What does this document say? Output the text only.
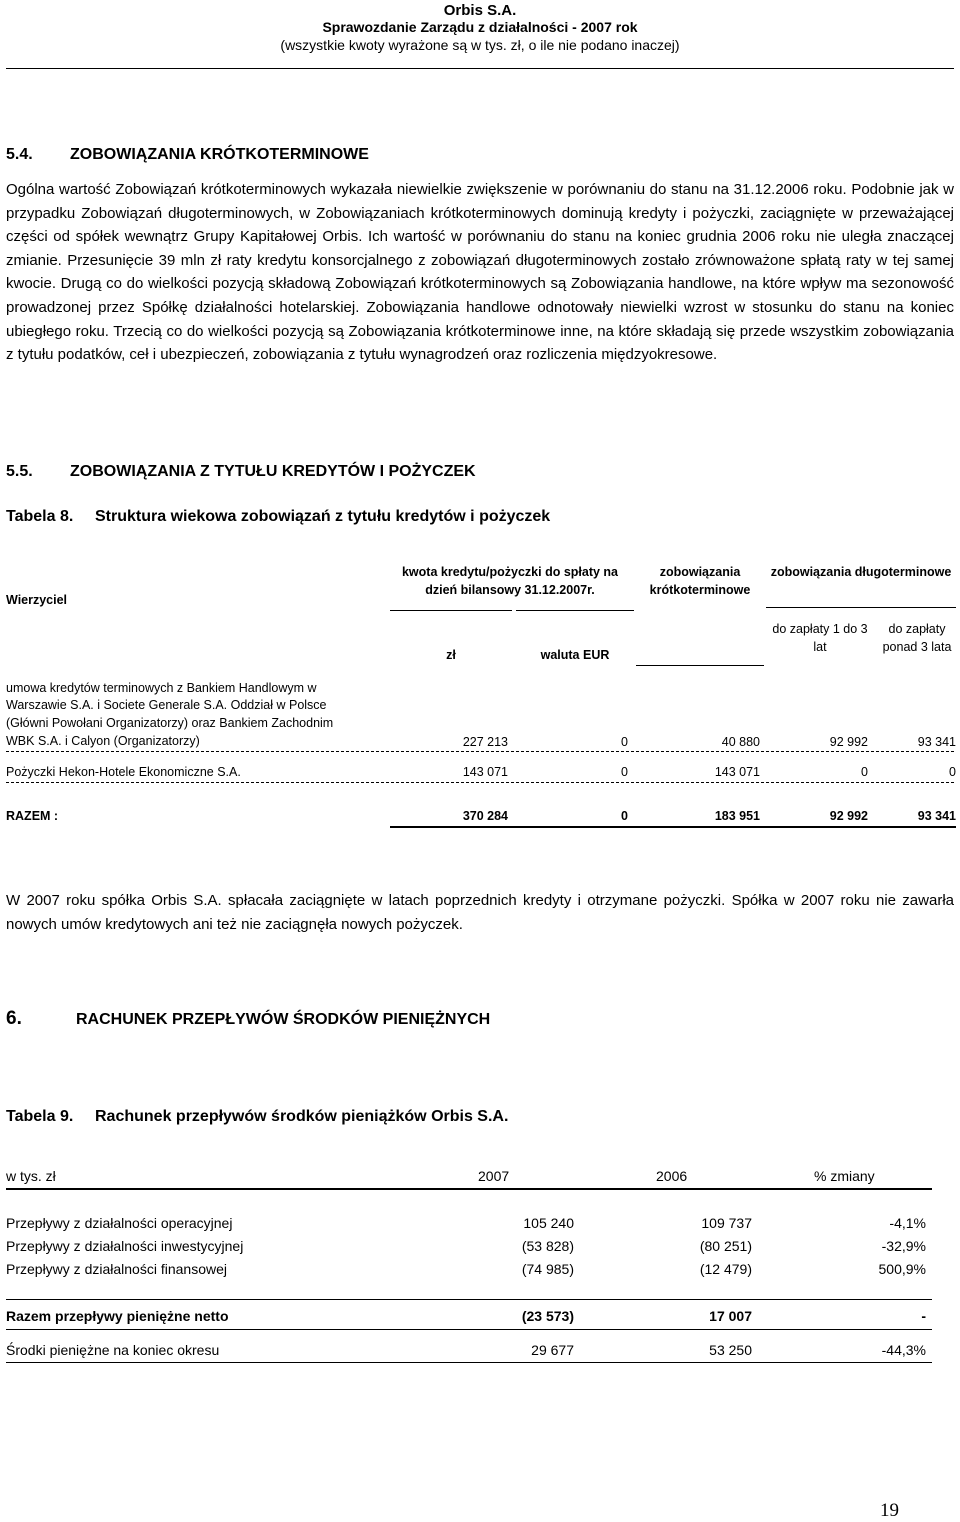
Orbis S.A.
Sprawozdanie Zarządu z działalności - 2007 rok
(wszystkie kwoty wyrażone są w tys. zł, o ile nie podano inaczej)
5.4. ZOBOWIĄZANIA KRÓTKOTERMINOWE
Ogólna wartość Zobowiązań krótkoterminowych wykazała niewielkie zwiększenie w porównaniu do stanu na 31.12.2006 roku. Podobnie jak w przypadku Zobowiązań długoterminowych, w Zobowiązaniach krótkoterminowych dominują kredyty i pożyczki, zaciągnięte w przeważającej części od spółek wewnątrz Grupy Kapitałowej Orbis. Ich wartość w porównaniu do stanu na koniec grudnia 2006 roku nie uległa znaczącej zmianie. Przesunięcie 39 mln zł raty kredytu konsorcjalnego z zobowiązań długoterminowych zostało zrównoważone spłatą raty w tej samej kwocie. Drugą co do wielkości pozycją składową Zobowiązań krótkoterminowych są Zobowiązania handlowe, na które wpływ ma sezonowość prowadzonej przez Spółkę działalności hotelarskiej. Zobowiązania handlowe odnotowały niewielki wzrost w stosunku do stanu na koniec ubiegłego roku. Trzecią co do wielkości pozycją są Zobowiązania krótkoterminowe inne, na które składają się przede wszystkim zobowiązania z tytułu podatków, ceł i ubezpieczeń, zobowiązania z tytułu wynagrodzeń oraz rozliczenia międzyokresowe.
5.5. ZOBOWIĄZANIA Z TYTUŁU KREDYTÓW I POŻYCZEK
Tabela 8. Struktura wiekowa zobowiązań z tytułu kredytów i pożyczek
Wierzyciel
kwota kredytu/pożyczki do spłaty na dzień bilansowy 31.12.2007r.
zobowiązania krótkoterminowe
zobowiązania długoterminowe
zł	waluta EUR
do zapłaty 1 do 3 lat
do zapłaty ponad 3 lata
umowa kredytów terminowych z Bankiem Handlowym w
Warszawie S.A. i Societe Generale S.A. Oddział w Polsce
(Główni Powołani Organizatorzy) oraz Bankiem Zachodnim
WBK S.A. i Calyon (Organizatorzy)	227 213	0	40 880	92 992	93 341
Pożyczki Hekon-Hotele Ekonomiczne S.A.	143 071	0	143 071	0	0
RAZEM :	370 284	0	183 951	92 992	93 341
W 2007 roku spółka Orbis S.A. spłacała zaciągnięte w latach poprzednich kredyty i otrzymane pożyczki. Spółka w 2007 roku nie zawarła nowych umów kredytowych ani też nie zaciągnęła nowych pożyczek.
6.	RACHUNEK PRZEPŁYWÓW ŚRODKÓW PIENIĘŻNYCH
Tabela 9. Rachunek przepływów środków pieniążków Orbis S.A.
w tys. zł	2007	2006	% zmiany
Przepływy z działalności operacyjnej	105 240	109 737	-4,1%
Przepływy z działalności inwestycyjnej	(53 828)	(80 251)	-32,9%
Przepływy z działalności finansowej	(74 985)	(12 479)	500,9%
Razem przepływy pieniężne netto	(23 573)	17 007	-
Środki pieniężne na koniec okresu	29 677	53 250	-44,3%
19
